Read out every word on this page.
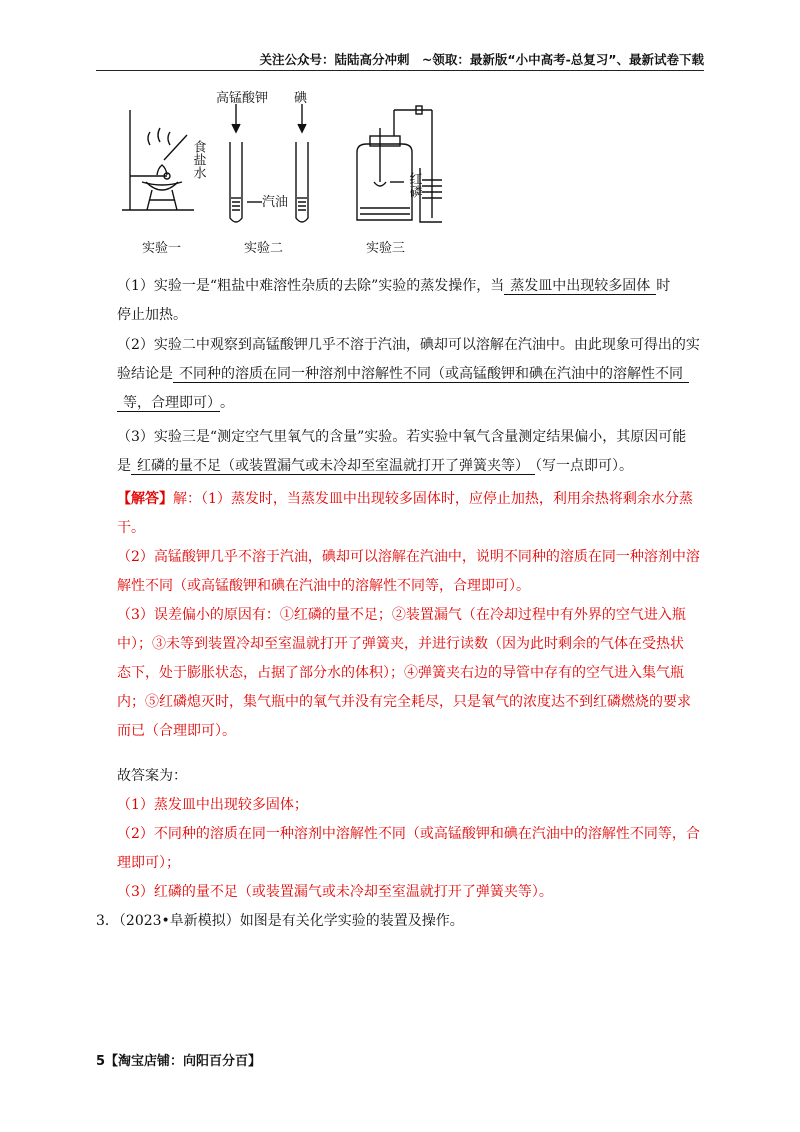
关注公众号：陆陆高分冲刺 ~领取：最新版“小中高考-总复习”、最新试卷下载
高锰酸钾 碘
食盐水
汽油
红磷
实验一	实验二	实验三
（1）实验一是“粗盐中难溶性杂质的去除”实验的蒸发操作，当 蒸发皿中出现较多固体 时
停止加热。
（2）实验二中观察到高锰酸钾几乎不溶于汽油，碘却可以溶解在汽油中。由此现象可得出的实
验结论是 不同种的溶质在同一种溶剂中溶解性不同（或高锰酸钾和碘在汽油中的溶解性不同
等，合理即可） 。
（3）实验三是“测定空气里氧气的含量”实验。若实验中氧气含量测定结果偏小，其原因可能
是 红磷的量不足（或装置漏气或未冷却至室温就打开了弹簧夹等） （写一点即可）。
【解答】解：（1）蒸发时，当蒸发皿中出现较多固体时，应停止加热，利用余热将剩余水分蒸
干。
（2）高锰酸钾几乎不溶于汽油，碘却可以溶解在汽油中，说明不同种的溶质在同一种溶剂中溶
解性不同（或高锰酸钾和碘在汽油中的溶解性不同等，合理即可）。
（3）误差偏小的原因有：①红磷的量不足；②装置漏气（在冷却过程中有外界的空气进入瓶
中）；③未等到装置冷却至室温就打开了弹簧夹，并进行读数（因为此时剩余的气体在受热状
态下，处于膨胀状态，占据了部分水的体积）；④弹簧夹右边的导管中存有的空气进入集气瓶
内；⑤红磷熄灭时，集气瓶中的氧气并没有完全耗尽，只是氧气的浓度达不到红磷燃烧的要求
而已（合理即可）。
故答案为：
（1）蒸发皿中出现较多固体；
（2）不同种的溶质在同一种溶剂中溶解性不同（或高锰酸钾和碘在汽油中的溶解性不同等，合
理即可）；
（3）红磷的量不足（或装置漏气或未冷却至室温就打开了弹簧夹等）。
3．（2023•阜新模拟）如图是有关化学实验的装置及操作。
5【淘宝店铺：向阳百分百】
